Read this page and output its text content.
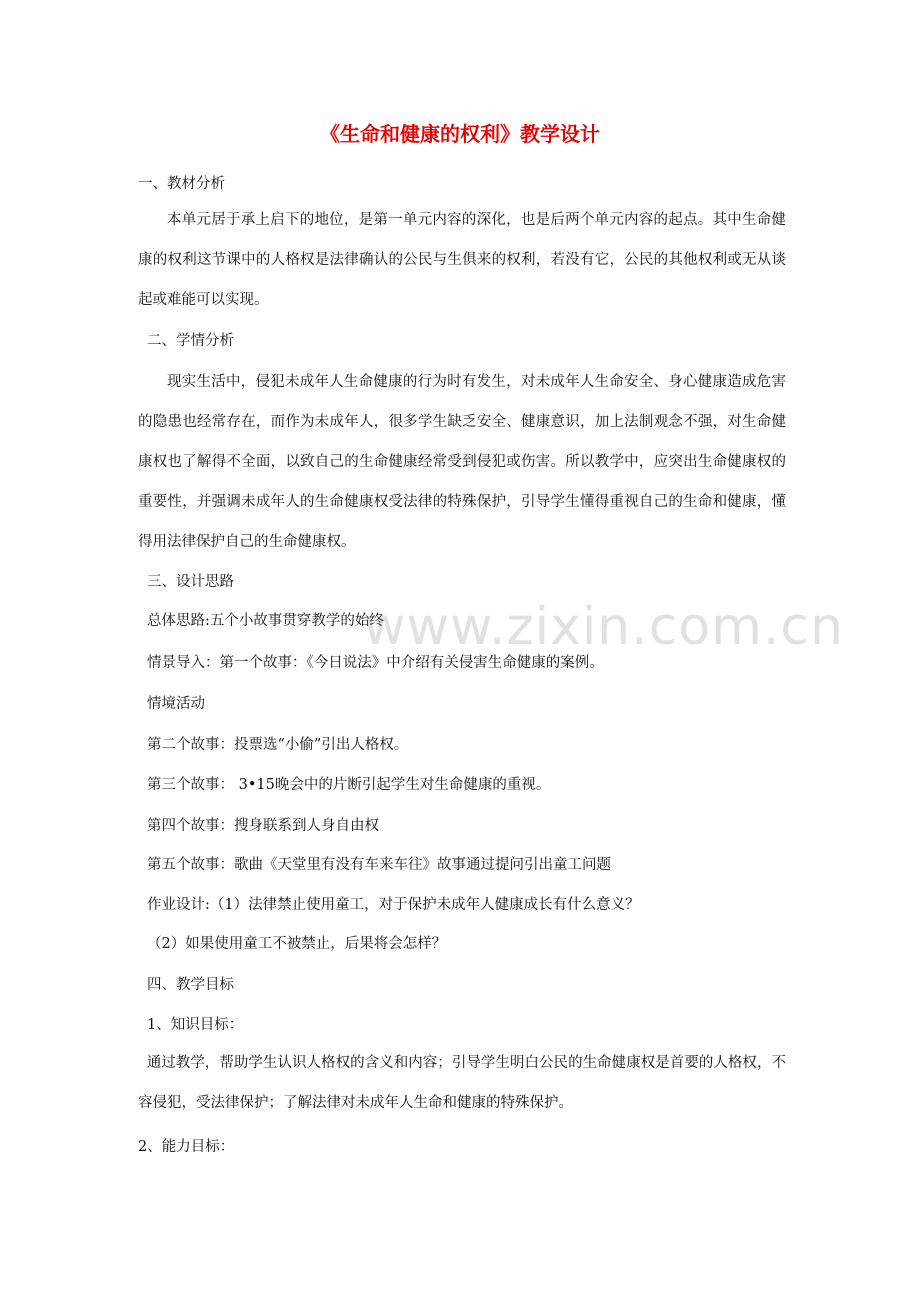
《生命和健康的权利》教学设计
一、教材分析
本单元居于承上启下的地位，是第一单元内容的深化，也是后两个单元内容的起点。其中生命健康的权利这节课中的人格权是法律确认的公民与生俱来的权利，若没有它，公民的其他权利或无从谈起或难能可以实现。
二、学情分析
现实生活中，侵犯未成年人生命健康的行为时有发生，对未成年人生命安全、身心健康造成危害的隐患也经常存在，而作为未成年人，很多学生缺乏安全、健康意识，加上法制观念不强，对生命健康权也了解得不全面，以致自己的生命健康经常受到侵犯或伤害。所以教学中，应突出生命健康权的重要性，并强调未成年人的生命健康权受法律的特殊保护，引导学生懂得重视自己的生命和健康，懂得用法律保护自己的生命健康权。
三、设计思路
总体思路:五个小故事贯穿教学的始终
情景导入：第一个故事：《今日说法》中介绍有关侵害生命健康的案例。
情境活动
第二个故事：投票选“小偷”引出人格权。
第三个故事： 3•15晚会中的片断引起学生对生命健康的重视。
第四个故事：搜身联系到人身自由权
第五个故事：歌曲《天堂里有没有车来车往》故事通过提问引出童工问题
作业设计:（1）法律禁止使用童工，对于保护未成年人健康成长有什么意义？
（2）如果使用童工不被禁止，后果将会怎样？
四、教学目标
1、知识目标：
通过教学，帮助学生认识人格权的含义和内容；引导学生明白公民的生命健康权是首要的人格权，不容侵犯，受法律保护；了解法律对未成年人生命和健康的特殊保护。
2、能力目标：
www.zixin.com.cn
